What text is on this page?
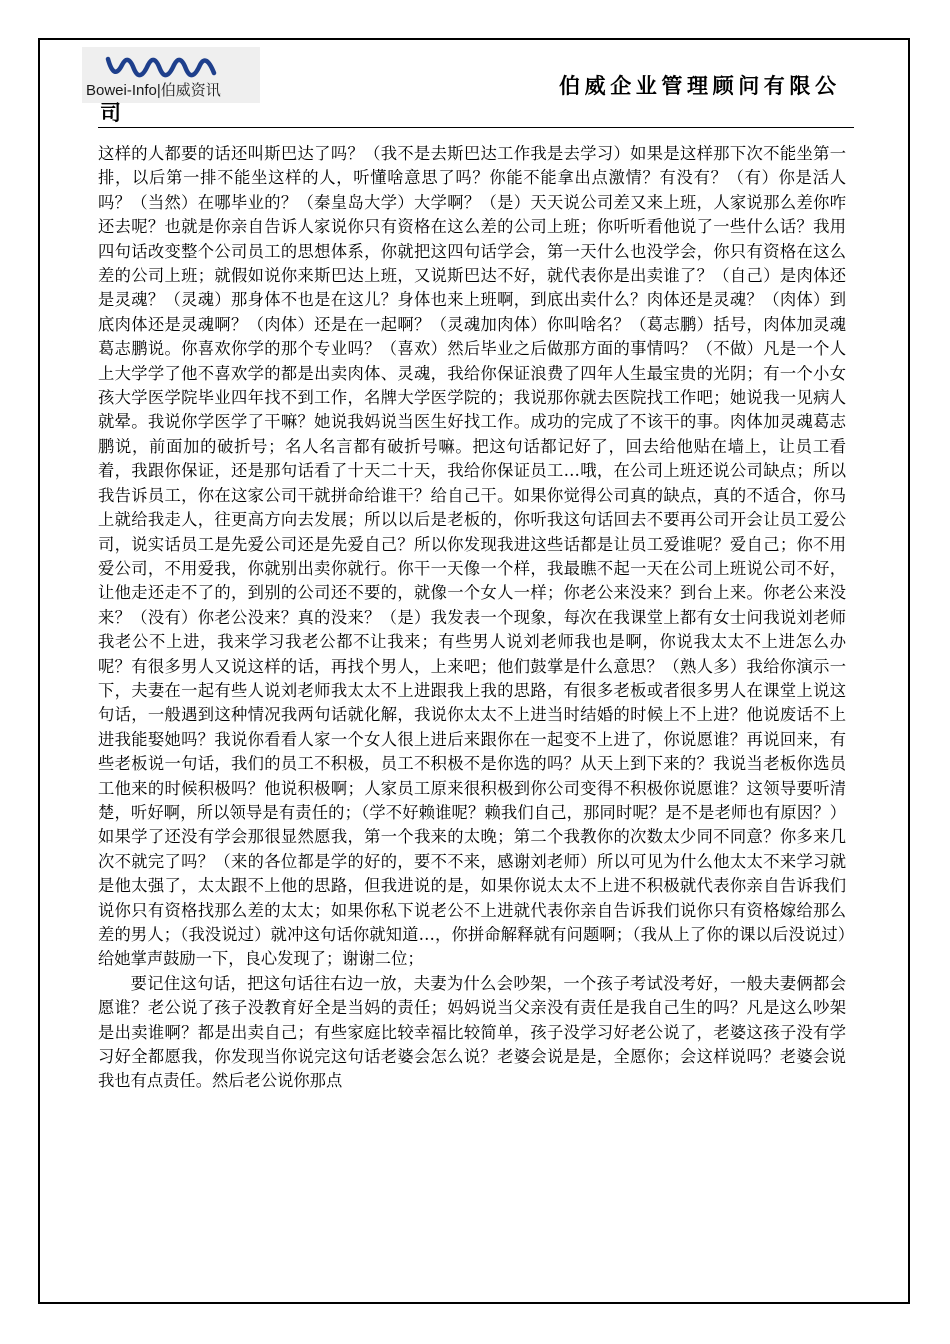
Bowei-Info|伯威资讯	伯威企业管理顾问有限公
司

这样的人都要的话还叫斯巴达了吗？（我不是去斯巴达工作我是去学习）如果是这样那下次不能坐第一排，以后第一排不能坐这样的人，听懂啥意思了吗？你能不能拿出点激情？有没有？（有）你是活人吗？（当然）在哪毕业的？（秦皇岛大学）大学啊？（是）天天说公司差又来上班，人家说那么差你咋还去呢？也就是你亲自告诉人家说你只有资格在这么差的公司上班；你听听看他说了一些什么话？我用四句话改变整个公司员工的思想体系，你就把这四句话学会，第一天什么也没学会，你只有资格在这么差的公司上班；就假如说你来斯巴达上班，又说斯巴达不好，就代表你是出卖谁了？（自己）是肉体还是灵魂？（灵魂）那身体不也是在这儿？身体也来上班啊，到底出卖什么？肉体还是灵魂？（肉体）到底肉体还是灵魂啊？（肉体）还是在一起啊？（灵魂加肉体）你叫啥名？（葛志鹏）括号，肉体加灵魂葛志鹏说。你喜欢你学的那个专业吗？（喜欢）然后毕业之后做那方面的事情吗？（不做）凡是一个人上大学学了他不喜欢学的都是出卖肉体、灵魂，我给你保证浪费了四年人生最宝贵的光阴；有一个小女孩大学医学院毕业四年找不到工作，名牌大学医学院的；我说那你就去医院找工作吧；她说我一见病人就晕。我说你学医学了干嘛？她说我妈说当医生好找工作。成功的完成了不该干的事。肉体加灵魂葛志鹏说，前面加的破折号；名人名言都有破折号嘛。把这句话都记好了，回去给他贴在墙上，让员工看着，我跟你保证，还是那句话看了十天二十天，我给你保证员工…哦，在公司上班还说公司缺点；所以我告诉员工，你在这家公司干就拼命给谁干？给自己干。如果你觉得公司真的缺点，真的不适合，你马上就给我走人，往更高方向去发展；所以以后是老板的，你听我这句话回去不要再公司开会让员工爱公司，说实话员工是先爱公司还是先爱自己？所以你发现我进这些话都是让员工爱谁呢？爱自己；你不用爱公司，不用爱我，你就别出卖你就行。你干一天像一个样，我最瞧不起一天在公司上班说公司不好，让他走还走不了的，到别的公司还不要的，就像一个女人一样；你老公来没来？到台上来。你老公来没来？（没有）你老公没来？真的没来？（是）我发表一个现象，每次在我课堂上都有女士问我说刘老师我老公不上进，我来学习我老公都不让我来；有些男人说刘老师我也是啊，你说我太太不上进怎么办呢？有很多男人又说这样的话，再找个男人，上来吧；他们鼓掌是什么意思？（熟人多）我给你演示一下，夫妻在一起有些人说刘老师我太太不上进跟我上我的思路，有很多老板或者很多男人在课堂上说这句话，一般遇到这种情况我两句话就化解，我说你太太不上进当时结婚的时候上不上进？他说废话不上进我能娶她吗？我说你看看人家一个女人很上进后来跟你在一起变不上进了，你说愿谁？再说回来，有些老板说一句话，我们的员工不积极，员工不积极不是你选的吗？从天上到下来的？我说当老板你选员工他来的时候积极吗？他说积极啊；人家员工原来很积极到你公司变得不积极你说愿谁？这领导要听清楚，听好啊，所以领导是有责任的；（学不好赖谁呢？赖我们自己，那同时呢？是不是老师也有原因？）如果学了还没有学会那很显然愿我，第一个我来的太晚；第二个我教你的次数太少同不同意？你多来几次不就完了吗？（来的各位都是学的好的，要不不来，感谢刘老师）所以可见为什么他太太不来学习就是他太强了，太太跟不上他的思路，但我进说的是，如果你说太太不上进不积极就代表你亲自告诉我们说你只有资格找那么差的太太；如果你私下说老公不上进就代表你亲自告诉我们说你只有资格嫁给那么差的男人；（我没说过）就冲这句话你就知道…，你拼命解释就有问题啊；（我从上了你的课以后没说过）给她掌声鼓励一下，良心发现了；谢谢二位；

要记住这句话，把这句话往右边一放，夫妻为什么会吵架，一个孩子考试没考好，一般夫妻俩都会愿谁？老公说了孩子没教育好全是当妈的责任；妈妈说当父亲没有责任是我自己生的吗？凡是这么吵架是出卖谁啊？都是出卖自己；有些家庭比较幸福比较简单，孩子没学习好老公说了，老婆这孩子没有学习好全都愿我，你发现当你说完这句话老婆会怎么说？老婆会说是是，全愿你；会这样说吗？老婆会说我也有点责任。然后老公说你那点
